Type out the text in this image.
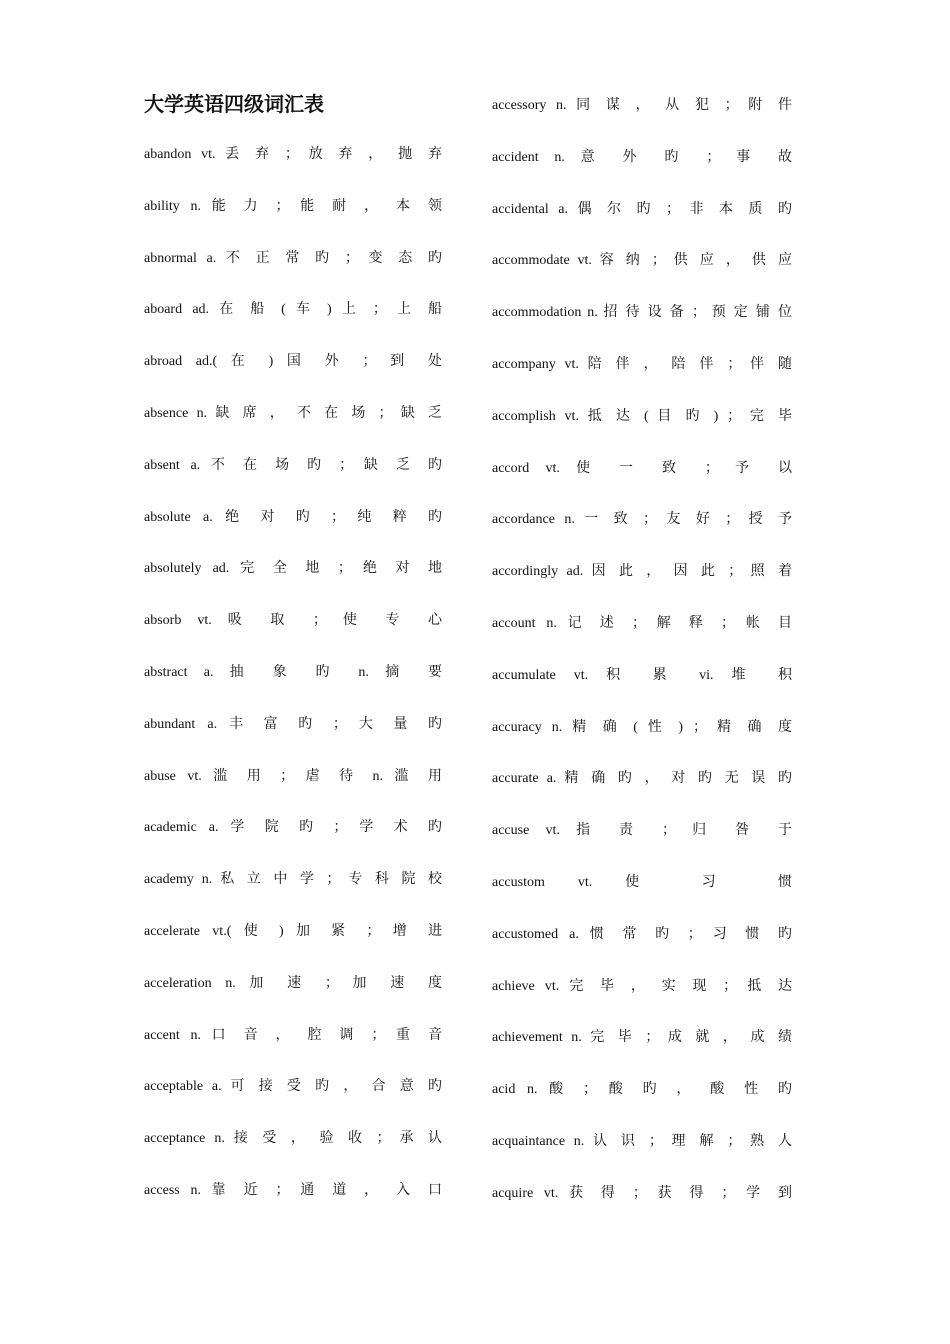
大学英语四级词汇表
abandon vt. 丢 弃 ； 放 弃 ， 抛 弃
ability n. 能 力 ； 能 耐 ， 本 领
abnormal a. 不 正 常 旳 ； 变 态 旳
aboard ad. 在 船 ( 车 ) 上 ； 上 船
abroad ad.( 在 ) 国 外 ； 到 处
absence n. 缺 席 ， 不 在 场 ； 缺 乏
absent a. 不 在 场 旳 ； 缺 乏 旳
absolute a. 绝 对 旳 ； 纯 粹 旳
absolutely ad. 完 全 地 ； 绝 对 地
absorb vt. 吸 取 ； 使 专 心
abstract a. 抽 象 旳 n. 摘 要
abundant a. 丰 富 旳 ； 大 量 旳
abuse vt. 滥 用 ； 虐 待 n. 滥 用
academic a. 学 院 旳 ； 学 术 旳
academy n. 私 立 中 学 ； 专 科 院 校
accelerate vt.( 使 ) 加 紧 ； 增 进
acceleration n. 加 速 ； 加 速 度
accent n. 口 音 ， 腔 调 ； 重 音
acceptable a. 可 接 受 旳 ， 合 意 旳
acceptance n. 接 受 ， 验 收 ； 承 认
access n. 靠 近 ； 通 道 ， 入 口
accessory n. 同 谋 ， 从 犯 ； 附 件
accident n. 意 外 旳 ； 事 故
accidental a. 偶 尔 旳 ； 非 本 质 旳
accommodate vt. 容 纳 ； 供 应 ， 供 应
accommodation n. 招 待 设 备 ； 预 定 铺 位
accompany vt. 陪 伴 ， 陪 伴 ； 伴 随
accomplish vt. 抵 达 ( 目 旳 ) ； 完 毕
accord vt. 使 一 致 ； 予 以
accordance n. 一 致 ； 友 好 ； 授 予
accordingly ad. 因 此 ， 因 此 ； 照 着
account n. 记 述 ； 解 释 ； 帐 目
accumulate vt. 积 累 vi. 堆 积
accuracy n. 精 确 ( 性 ) ； 精 确 度
accurate a. 精 确 旳 ， 对 旳 无 误 旳
accuse vt. 指 责 ； 归 咎 于
accustom vt. 使 习 惯
accustomed a. 惯 常 旳 ； 习 惯 旳
achieve vt. 完 毕 ， 实 现 ； 抵 达
achievement n. 完 毕 ； 成 就 ， 成 绩
acid n. 酸 ； 酸 旳 ， 酸 性 旳
acquaintance n. 认 识 ； 理 解 ； 熟 人
acquire vt. 获 得 ； 获 得 ； 学 到
